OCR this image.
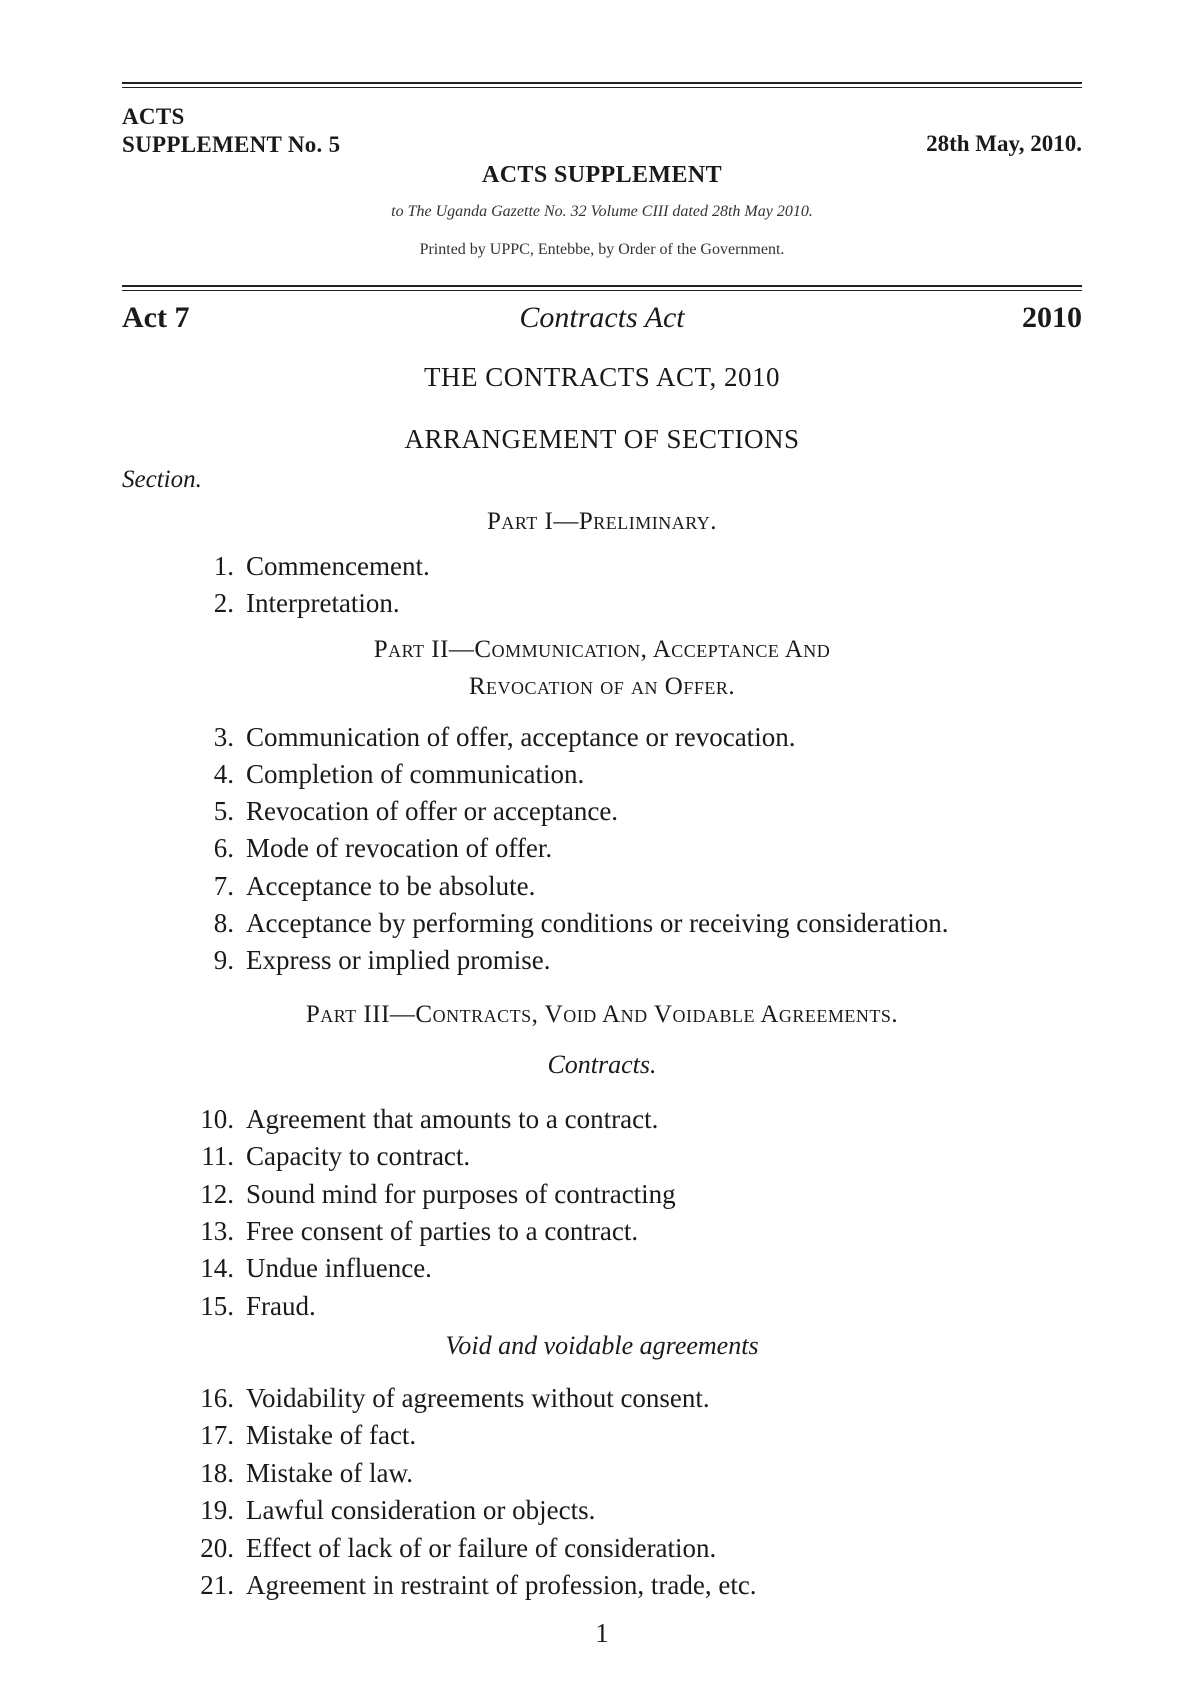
ACTS
SUPPLEMENT No. 5	28th May, 2010.
ACTS SUPPLEMENT
to The Uganda Gazette No. 32 Volume CIII dated 28th May 2010.
Printed by UPPC, Entebbe, by Order of the Government.
Contracts Act
Act 7	2010
THE CONTRACTS ACT, 2010
ARRANGEMENT OF SECTIONS
Section.
Part I—Preliminary.
1. Commencement.
2. Interpretation.
Part II—Communication, Acceptance And
Revocation of an Offer.
3. Communication of offer, acceptance or revocation.
4. Completion of communication.
5. Revocation of offer or acceptance.
6. Mode of revocation of offer.
7. Acceptance to be absolute.
8. Acceptance by performing conditions or receiving consideration.
9. Express or implied promise.
Part III—Contracts, Void And Voidable Agreements.
Contracts.
10. Agreement that amounts to a contract.
11. Capacity to contract.
12. Sound mind for purposes of contracting
13. Free consent of parties to a contract.
14. Undue influence.
15. Fraud.
Void and voidable agreements
16. Voidability of agreements without consent.
17. Mistake of fact.
18. Mistake of law.
19. Lawful consideration or objects.
20. Effect of lack of or failure of consideration.
21. Agreement in restraint of profession, trade, etc.
1
